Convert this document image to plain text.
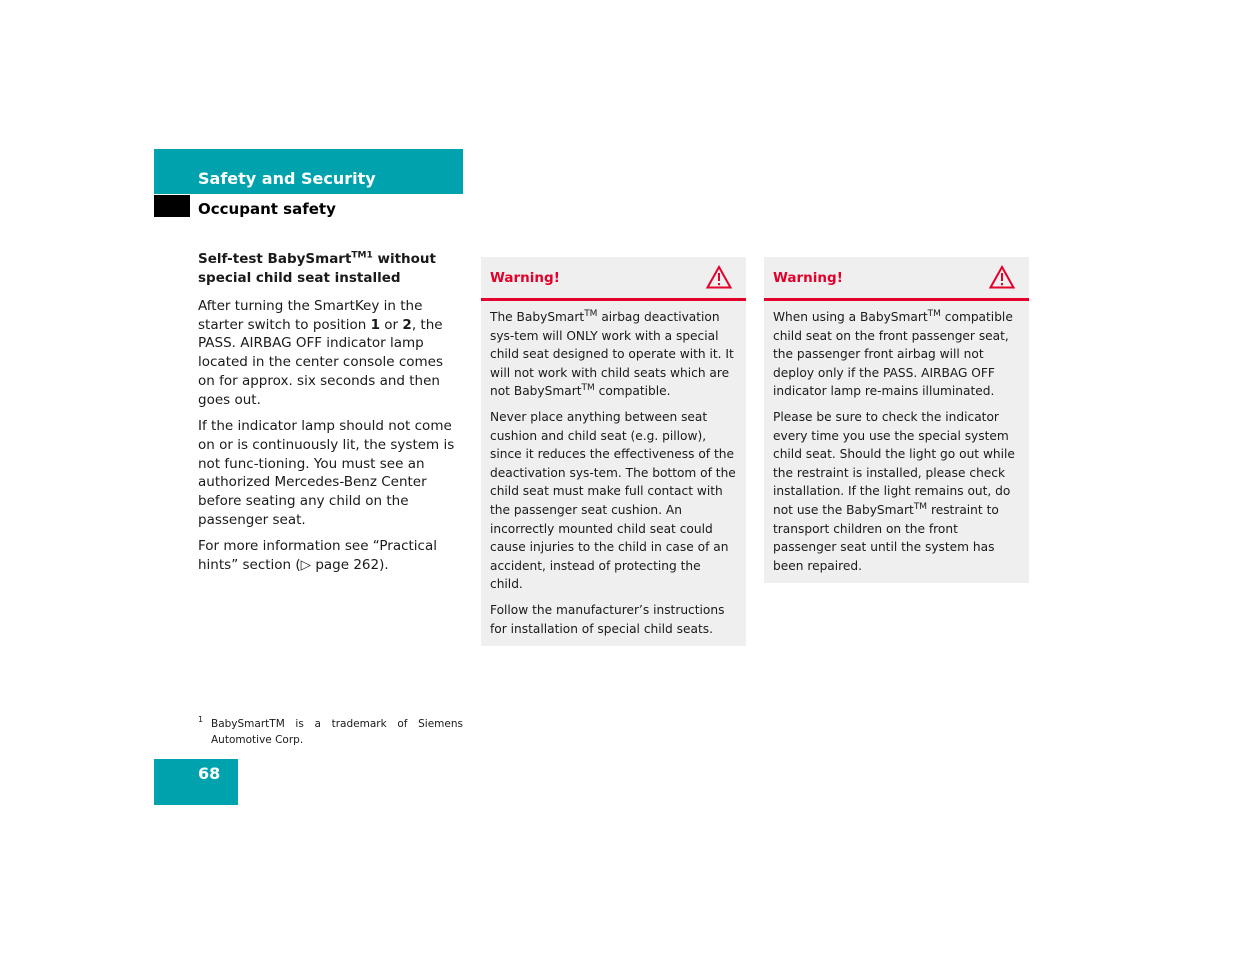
Safety and Security
Occupant safety
Self-test BabySmart$^{TM1}$ without special child seat installed

After turning the SmartKey in the starter switch to position 1 or 2, the PASS. AIRBAG OFF indicator lamp located in the center console comes on for approx. six seconds and then goes out.

If the indicator lamp should not come on or is continuously lit, the system is not func-tioning. You must see an authorized Mercedes-Benz Center before seating any child on the passenger seat.

For more information see “Practical hints” section (▷ page 262).

Warning!

The BabySmart™ airbag deactivation sys-tem will ONLY work with a special child seat designed to operate with it. It will not work with child seats which are not BabySmart™ compatible.

Never place anything between seat cushion and child seat (e.g. pillow), since it reduces the effectiveness of the deactivation sys-tem. The bottom of the child seat must make full contact with the passenger seat cushion. An incorrectly mounted child seat could cause injuries to the child in case of an accident, instead of protecting the child.

Follow the manufacturer’s instructions for installation of special child seats.

Warning!

When using a BabySmart™ compatible child seat on the front passenger seat, the passenger front airbag will not deploy only if the PASS. AIRBAG OFF indicator lamp re-mains illuminated.

Please be sure to check the indicator every time you use the special system child seat. Should the light go out while the restraint is installed, please check installation. If the light remains out, do not use the BabySmart™ restraint to transport children on the front passenger seat until the system has been repaired.

1 BabySmartTM is a trademark of Siemens Automotive Corp.
68
